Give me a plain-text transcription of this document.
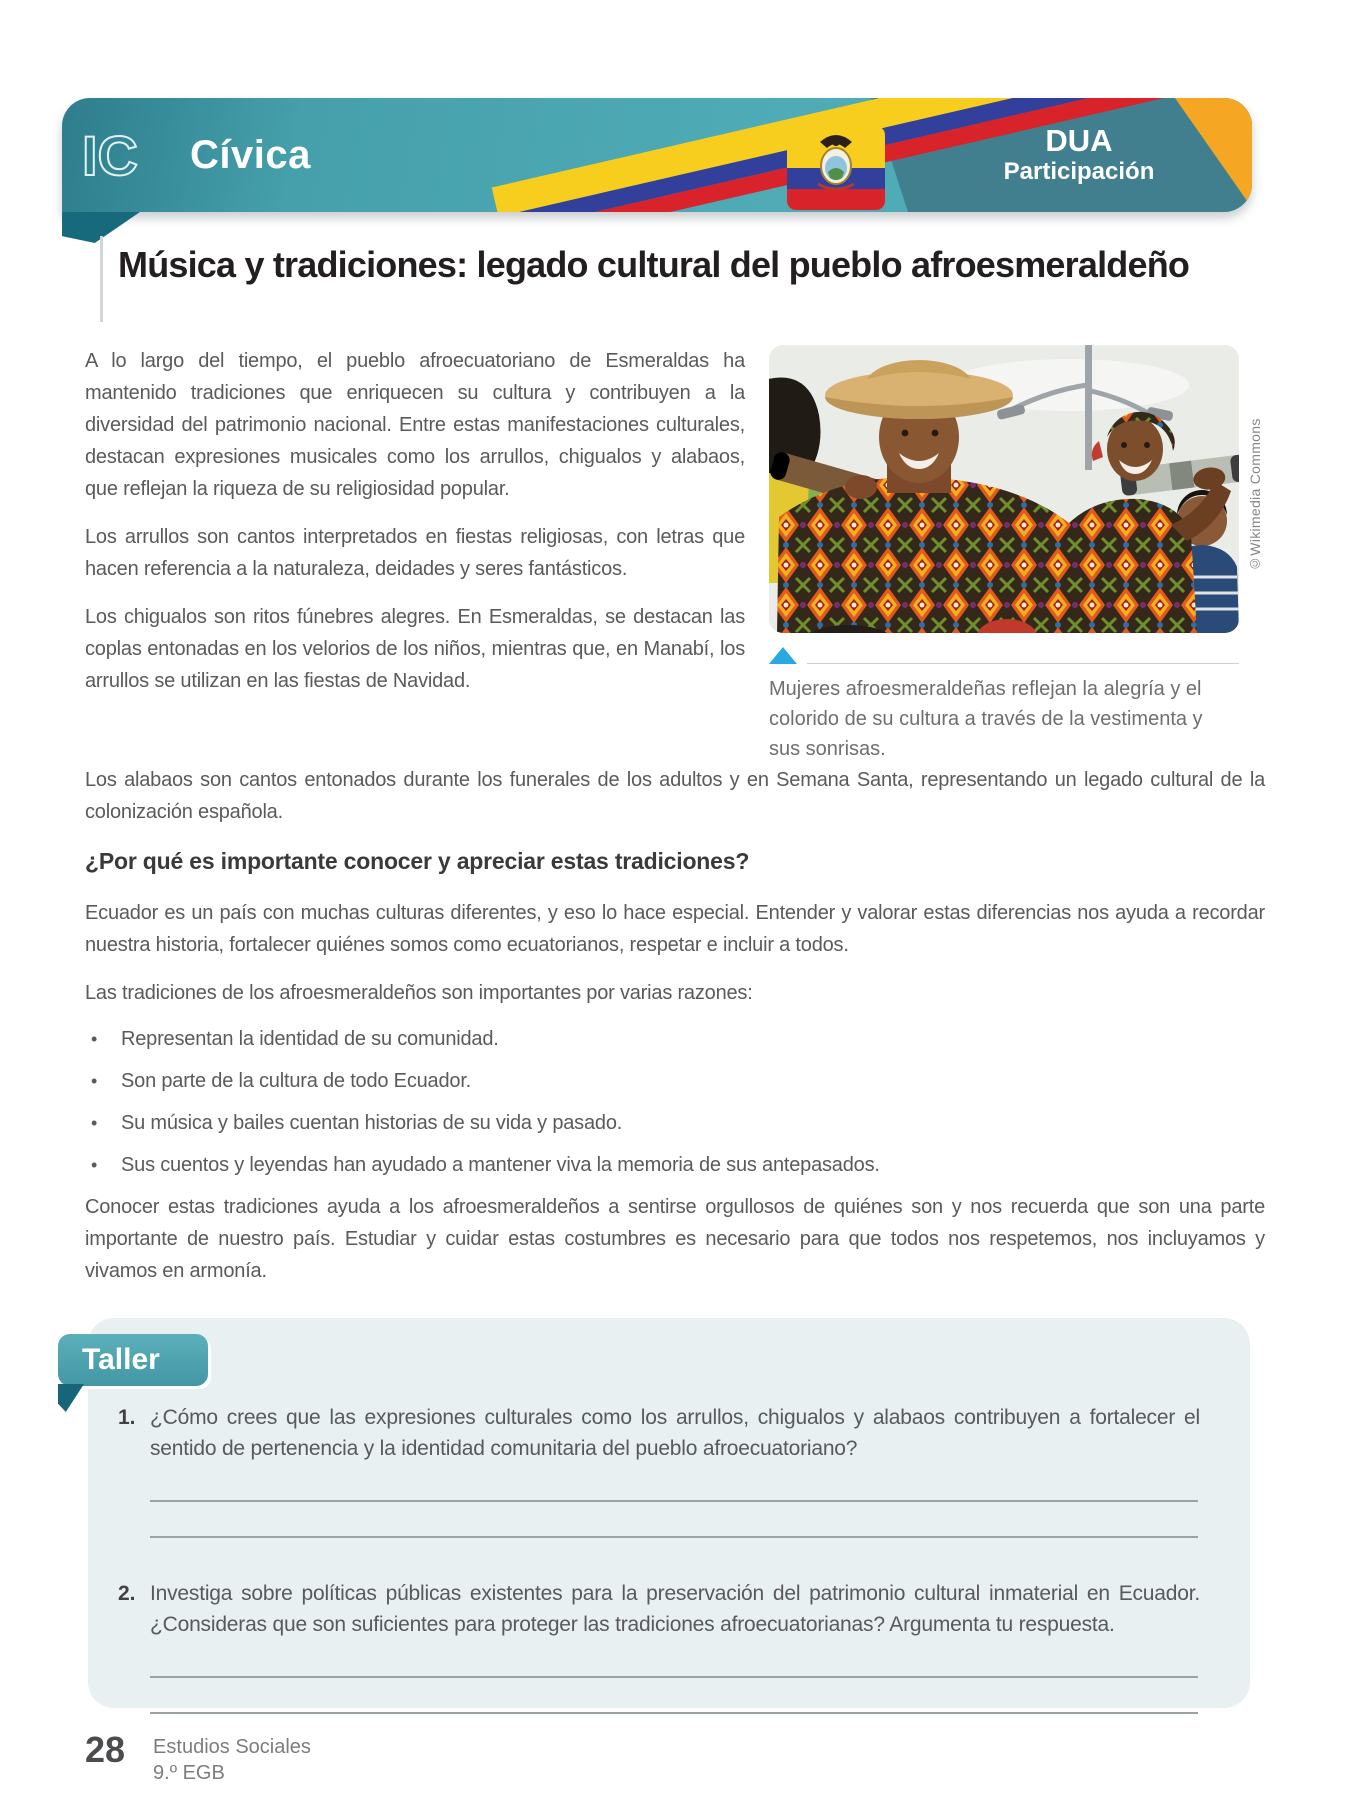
IC Cívica	DUA
Participación
Música y tradiciones: legado cultural del pueblo afroesmeraldeño

A lo largo del tiempo, el pueblo afroecuatoriano de Esmeraldas ha mantenido tradiciones que enriquecen su cultura y contribuyen a la diversidad del patrimonio nacional. Entre estas manifestaciones culturales, destacan expresiones musicales como los arrullos, chigualos y alabaos, que reflejan la riqueza de su religiosidad popular.

Los arrullos son cantos interpretados en fiestas religiosas, con letras que hacen referencia a la naturaleza, deidades y seres fantásticos.

Los chigualos son ritos fúnebres alegres. En Esmeraldas, se destacan las coplas entonadas en los velorios de los niños, mientras que, en Manabí, los arrullos se utilizan en las fiestas de Navidad.

©Wikimedia Commons
Mujeres afroesmeraldeñas reflejan la alegría y el colorido de su cultura a través de la vestimenta y sus sonrisas.

Los alabaos son cantos entonados durante los funerales de los adultos y en Semana Santa, representando un legado cultural de la colonización española.

¿Por qué es importante conocer y apreciar estas tradiciones?

Ecuador es un país con muchas culturas diferentes, y eso lo hace especial. Entender y valorar estas diferencias nos ayuda a recordar nuestra historia, fortalecer quiénes somos como ecuatorianos, respetar e incluir a todos.

Las tradiciones de los afroesmeraldeños son importantes por varias razones:

• Representan la identidad de su comunidad.
• Son parte de la cultura de todo Ecuador.
• Su música y bailes cuentan historias de su vida y pasado.
• Sus cuentos y leyendas han ayudado a mantener viva la memoria de sus antepasados.

Conocer estas tradiciones ayuda a los afroesmeraldeños a sentirse orgullosos de quiénes son y nos recuerda que son una parte importante de nuestro país. Estudiar y cuidar estas costumbres es necesario para que todos nos respetemos, nos incluyamos y vivamos en armonía.

Taller
1. ¿Cómo crees que las expresiones culturales como los arrullos, chigualos y alabaos contribuyen a fortalecer el sentido de pertenencia y la identidad comunitaria del pueblo afroecuatoriano?
2. Investiga sobre políticas públicas existentes para la preservación del patrimonio cultural inmaterial en Ecuador. ¿Consideras que son suficientes para proteger las tradiciones afroecuatorianas? Argumenta tu respuesta.
28 Estudios Sociales
9.º EGB
